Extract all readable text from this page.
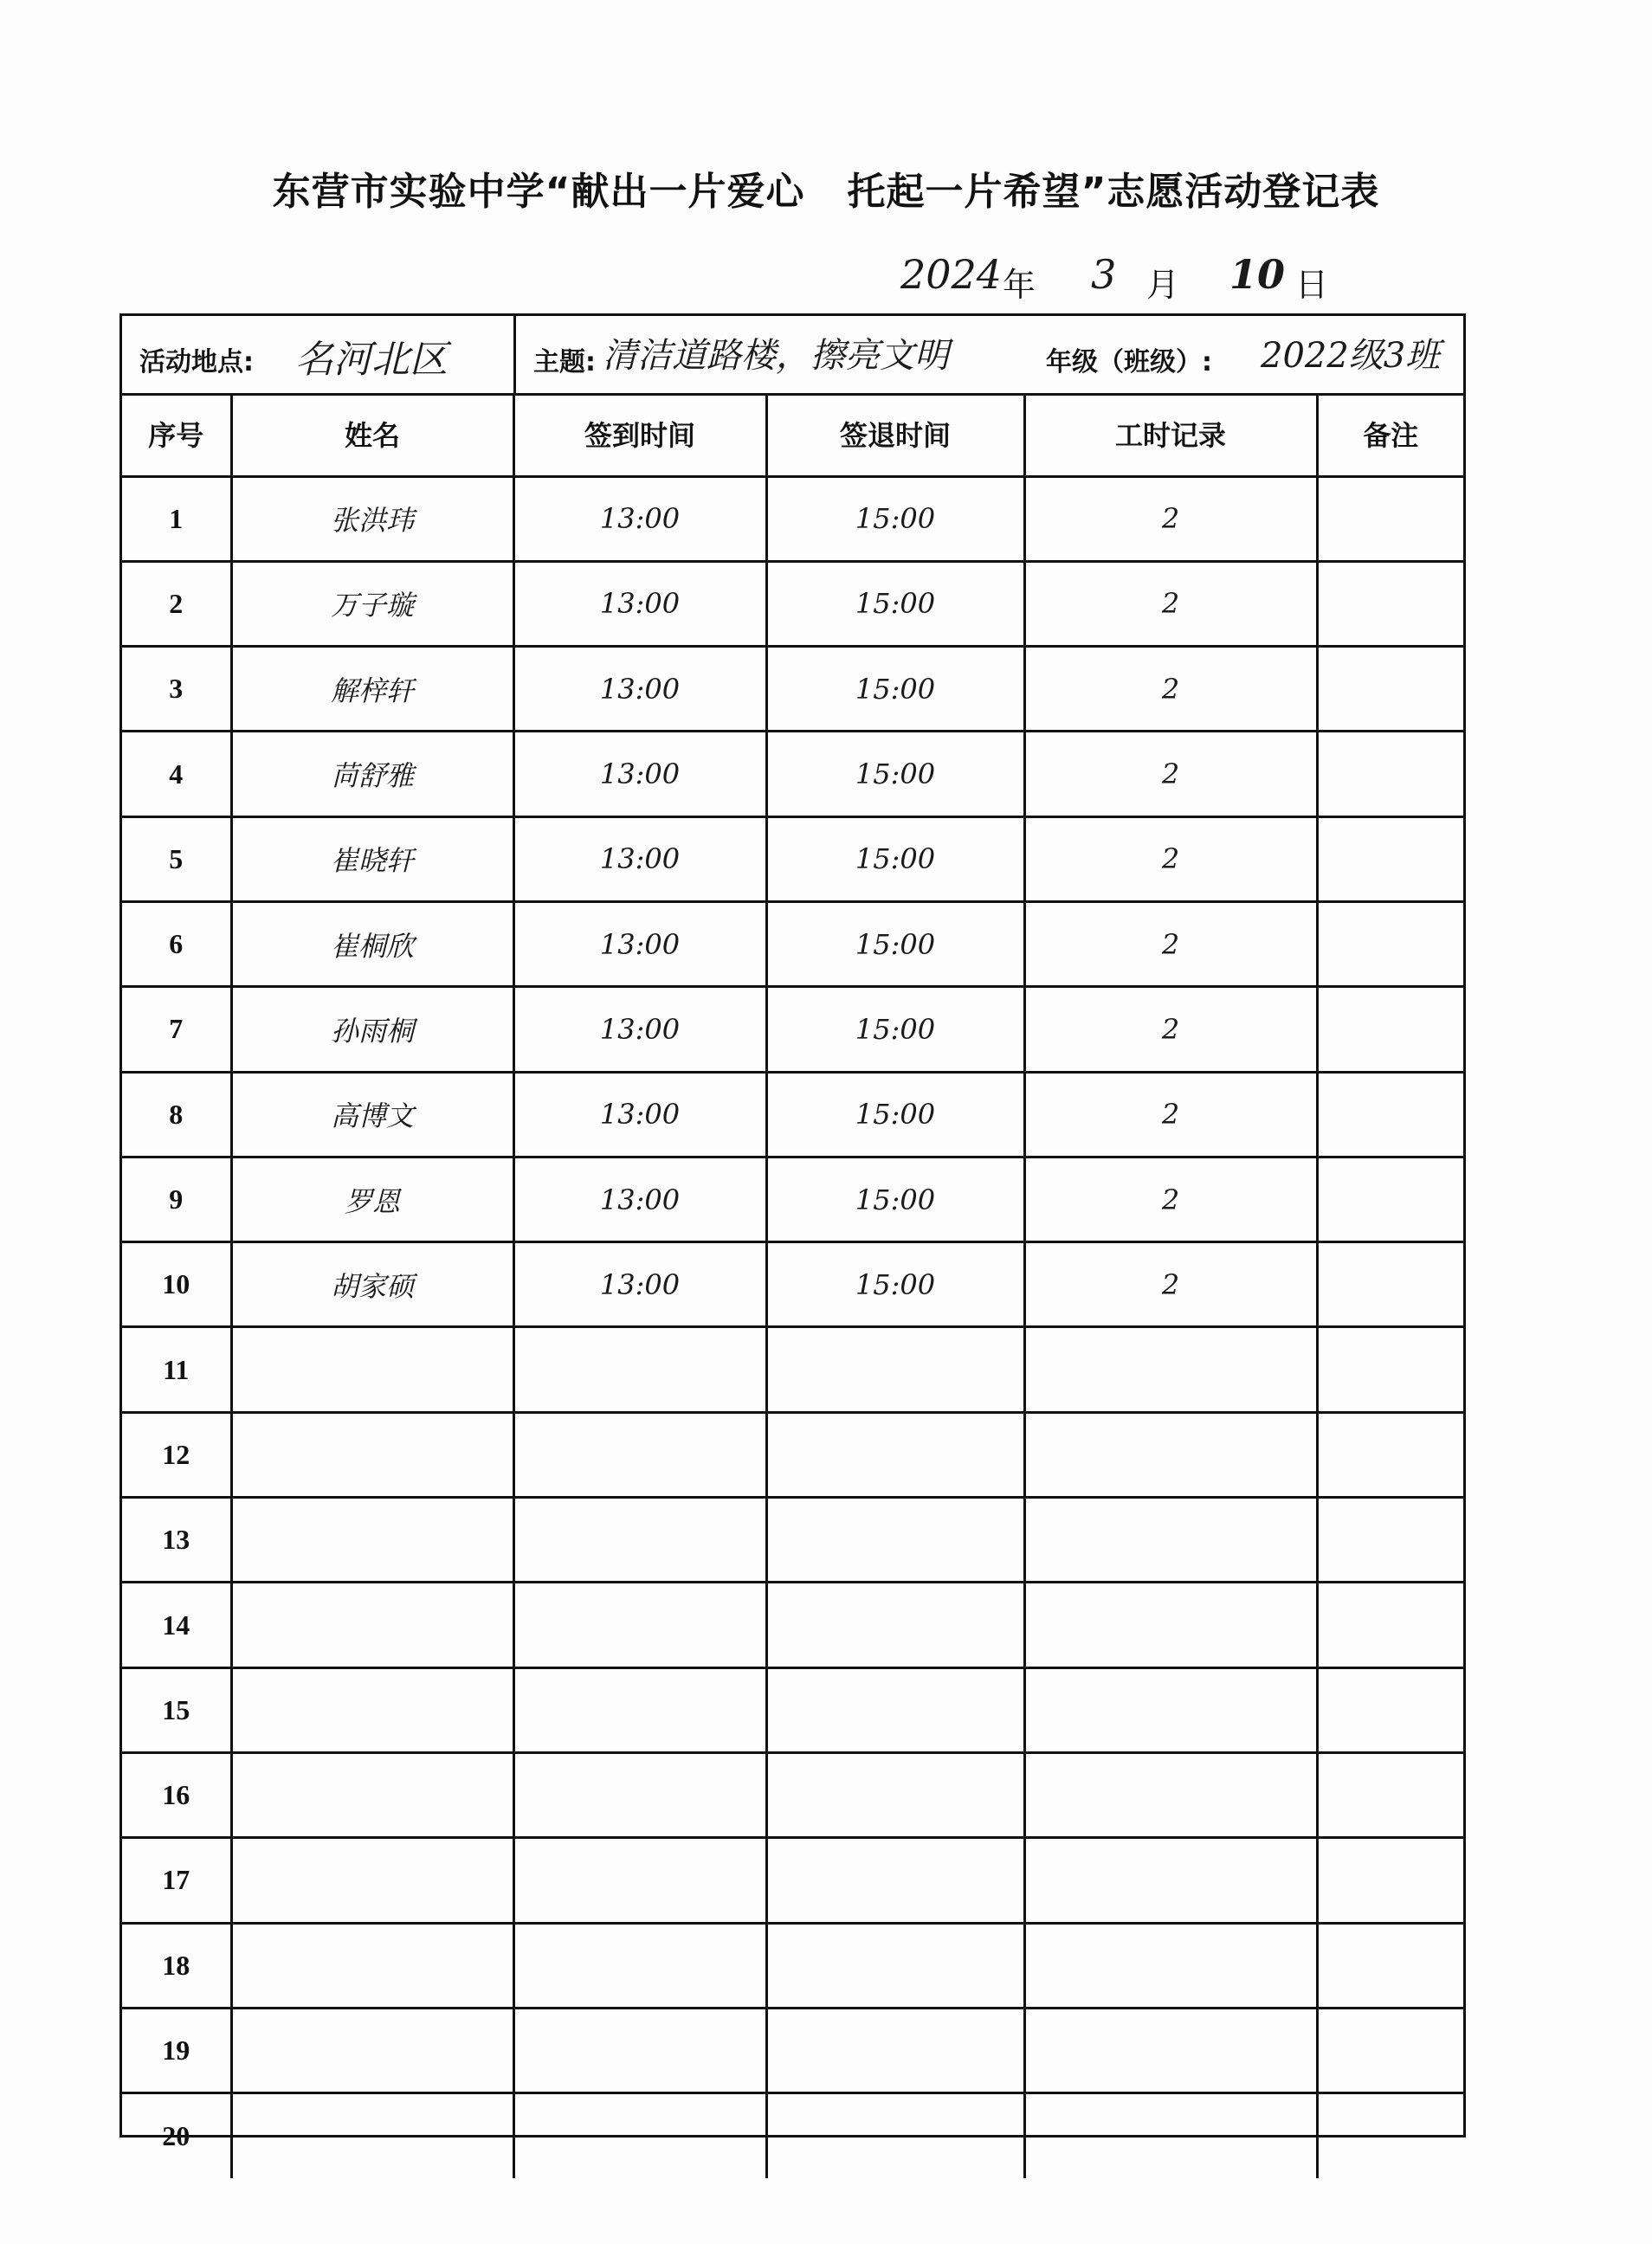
东营市实验中学“献出一片爱心   托起一片希望”志愿活动登记表
2024 年 3 月 10 日
活动地点: 名河北区	主题: 清洁道路楼，擦亮文明	年级（班级）: 2022级3班
序号	姓名	签到时间	签退时间	工时记录	备注
1	张洪玮	13:00	15:00	2	
2	万子璇	13:00	15:00	2	
3	解梓轩	13:00	15:00	2	
4	苘舒雅	13:00	15:00	2	
5	崔晓轩	13:00	15:00	2	
6	崔桐欣	13:00	15:00	2	
7	孙雨桐	13:00	15:00	2	
8	高博文	13:00	15:00	2	
9	罗恩	13:00	15:00	2	
10	胡家硕	13:00	15:00	2	
11					
12					
13					
14					
15					
16					
17					
18					
19					
20					
